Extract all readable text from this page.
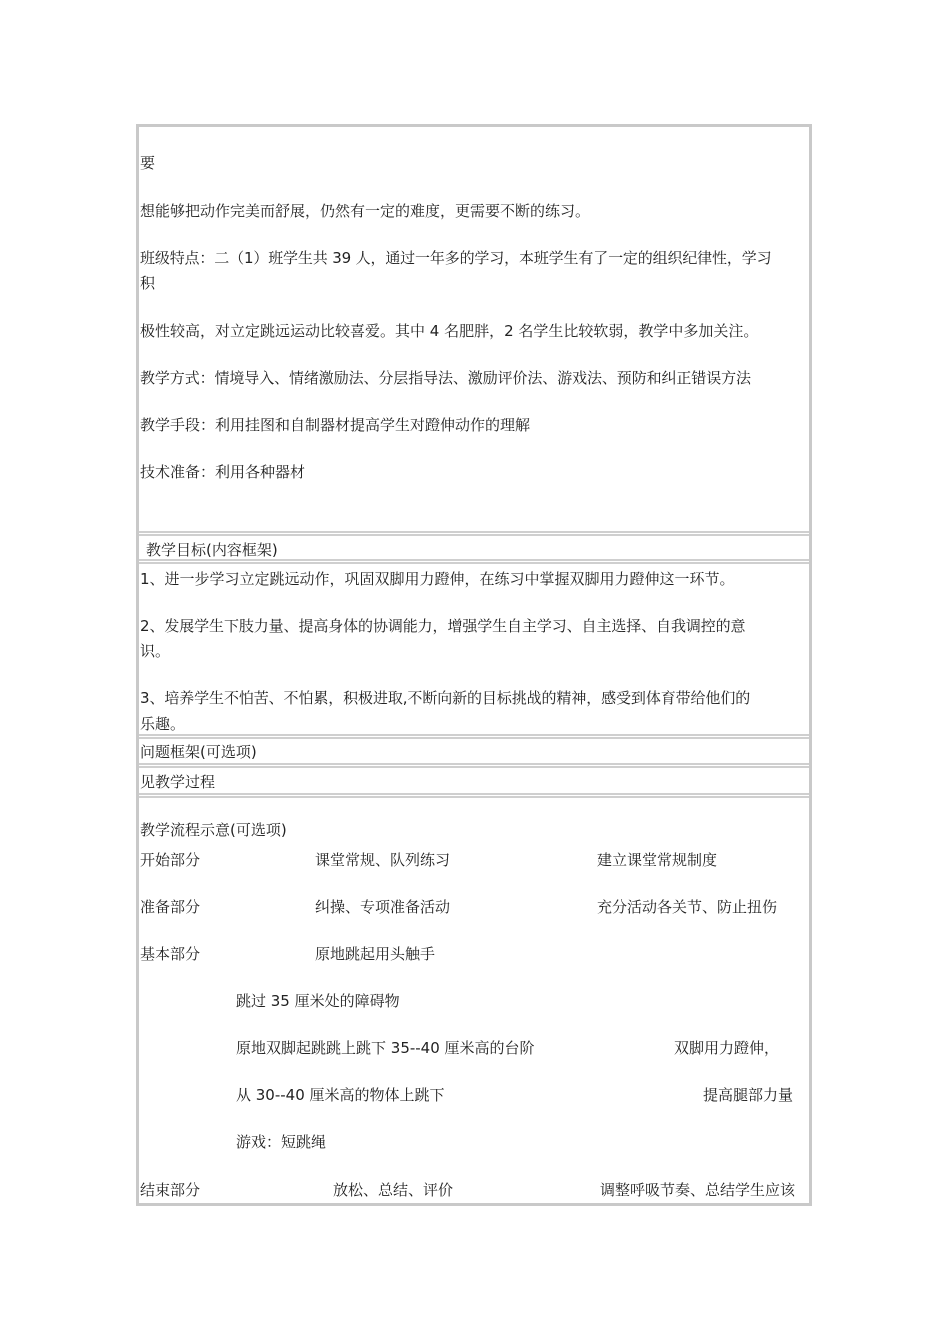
要
想能够把动作完美而舒展，仍然有一定的难度，更需要不断的练习。
班级特点：二（1）班学生共 39 人，通过一年多的学习，本班学生有了一定的组织纪律性，学习
积
极性较高，对立定跳远运动比较喜爱。其中 4 名肥胖，2 名学生比较软弱，教学中多加关注。
教学方式：情境导入、情绪激励法、分层指导法、激励评价法、游戏法、预防和纠正错误方法
教学手段：利用挂图和自制器材提高学生对蹬伸动作的理解
技术准备：利用各种器材
教学目标(内容框架)
1、进一步学习立定跳远动作，巩固双脚用力蹬伸，在练习中掌握双脚用力蹬伸这一环节。
2、发展学生下肢力量、提高身体的协调能力，增强学生自主学习、自主选择、自我调控的意
识。
3、培养学生不怕苦、不怕累，积极进取,不断向新的目标挑战的精神，感受到体育带给他们的
乐趣。
问题框架(可选项)
见教学过程
教学流程示意(可选项)
开始部分	课堂常规、队列练习	建立课堂常规制度
准备部分	纠操、专项准备活动	充分活动各关节、防止扭伤
基本部分	原地跳起用头触手
跳过 35 厘米处的障碍物
原地双脚起跳跳上跳下 35--40 厘米高的台阶	双脚用力蹬伸，
从 30--40 厘米高的物体上跳下	提高腿部力量
游戏：短跳绳
结束部分	放松、总结、评价	调整呼吸节奏、总结学生应该
